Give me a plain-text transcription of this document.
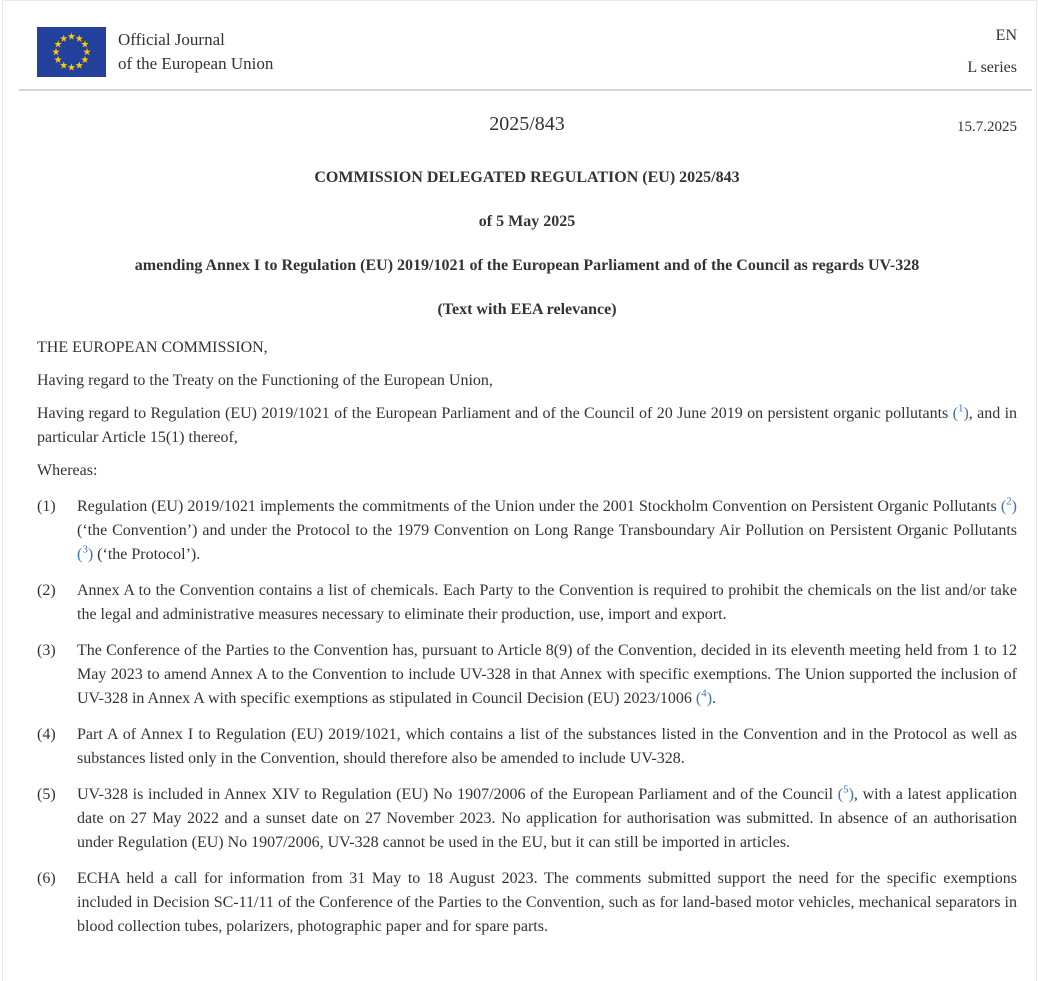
Official Journal
of the European Union
EN
L series
2025/843	15.7.2025
COMMISSION DELEGATED REGULATION (EU) 2025/843
of 5 May 2025
amending Annex I to Regulation (EU) 2019/1021 of the European Parliament and of the Council as regards UV-328
(Text with EEA relevance)

THE EUROPEAN COMMISSION,

Having regard to the Treaty on the Functioning of the European Union,

Having regard to Regulation (EU) 2019/1021 of the European Parliament and of the Council of 20 June 2019 on persistent organic pollutants ($^1$), and in particular Article 15(1) thereof,

Whereas:

(1)	Regulation (EU) 2019/1021 implements the commitments of the Union under the 2001 Stockholm Convention on Persistent Organic Pollutants ($^2$) (‘the Convention’) and under the Protocol to the 1979 Convention on Long Range Transboundary Air Pollution on Persistent Organic Pollutants ($^3$) (‘the Protocol’).
(2)	Annex A to the Convention contains a list of chemicals. Each Party to the Convention is required to prohibit the chemicals on the list and/or take the legal and administrative measures necessary to eliminate their production, use, import and export.
(3)	The Conference of the Parties to the Convention has, pursuant to Article 8(9) of the Convention, decided in its eleventh meeting held from 1 to 12 May 2023 to amend Annex A to the Convention to include UV-328 in that Annex with specific exemptions. The Union supported the inclusion of UV-328 in Annex A with specific exemptions as stipulated in Council Decision (EU) 2023/1006 ($^4$).
(4)	Part A of Annex I to Regulation (EU) 2019/1021, which contains a list of the substances listed in the Convention and in the Protocol as well as substances listed only in the Convention, should therefore also be amended to include UV-328.
(5)	UV-328 is included in Annex XIV to Regulation (EU) No 1907/2006 of the European Parliament and of the Council ($^5$), with a latest application date on 27 May 2022 and a sunset date on 27 November 2023. No application for authorisation was submitted. In absence of an authorisation under Regulation (EU) No 1907/2006, UV-328 cannot be used in the EU, but it can still be imported in articles.
(6)	ECHA held a call for information from 31 May to 18 August 2023. The comments submitted support the need for the specific exemptions included in Decision SC-11/11 of the Conference of the Parties to the Convention, such as for land-based motor vehicles, mechanical separators in blood collection tubes, polarizers, photographic paper and for spare parts.
